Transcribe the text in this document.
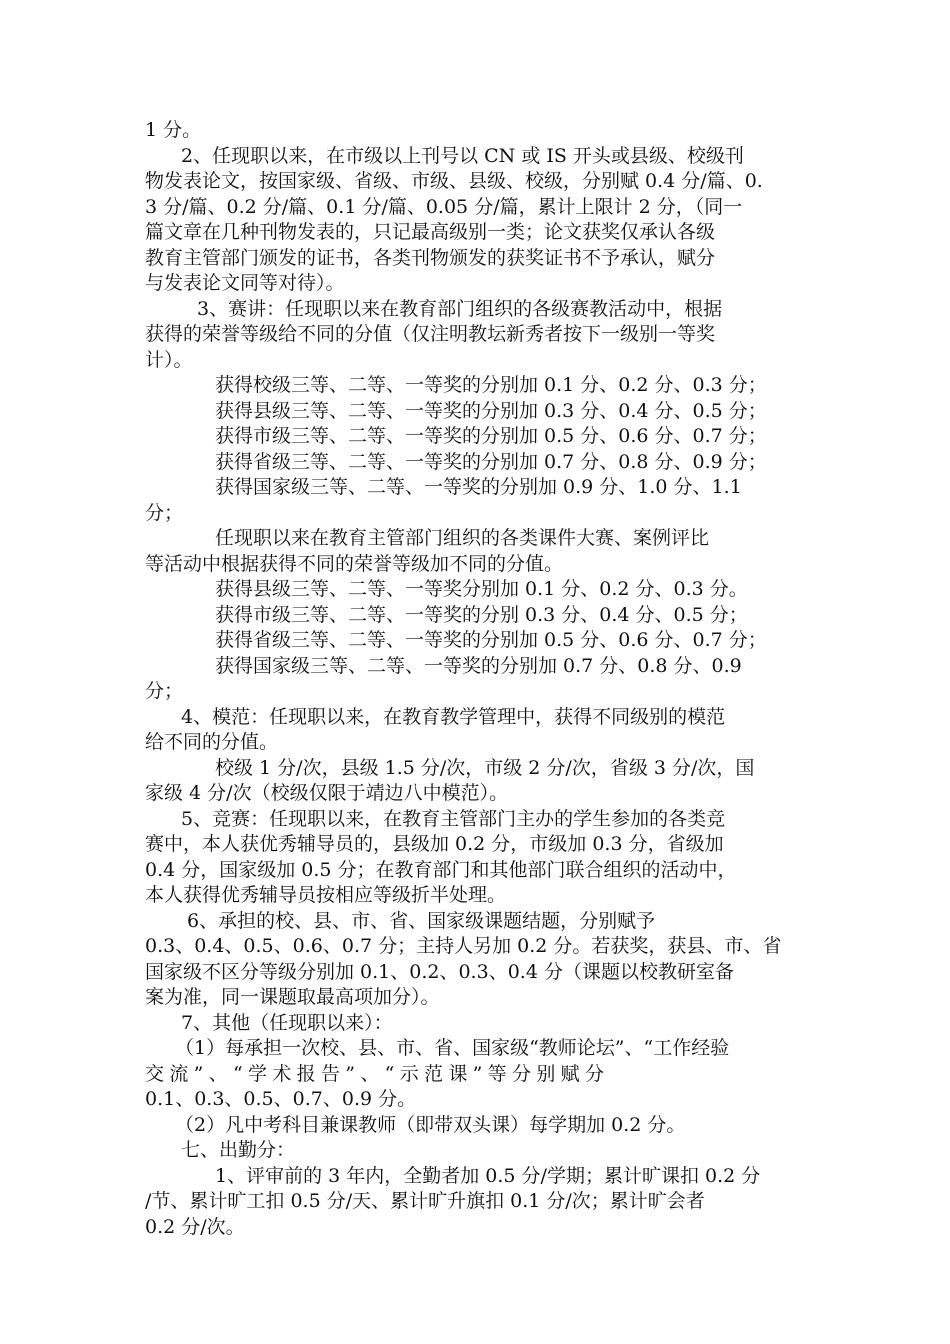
1 分。
2、任现职以来，在市级以上刊号以 CN 或 IS 开头或县级、校级刊
物发表论文，按国家级、省级、市级、县级、校级，分别赋 0.4 分/篇、0.
3 分/篇、0.2 分/篇、0.1 分/篇、0.05 分/篇，累计上限计 2 分，（同一
篇文章在几种刊物发表的，只记最高级别一类；论文获奖仅承认各级
教育主管部门颁发的证书，各类刊物颁发的获奖证书不予承认，赋分
与发表论文同等对待）。
3、赛讲：任现职以来在教育部门组织的各级赛教活动中，根据
获得的荣誉等级给不同的分值（仅注明教坛新秀者按下一级别一等奖
计）。
获得校级三等、二等、一等奖的分别加 0.1 分、0.2 分、0.3 分；
获得县级三等、二等、一等奖的分别加 0.3 分、0.4 分、0.5 分；
获得市级三等、二等、一等奖的分别加 0.5 分、0.6 分、0.7 分；
获得省级三等、二等、一等奖的分别加 0.7 分、0.8 分、0.9 分；
获得国家级三等、二等、一等奖的分别加 0.9 分、1.0 分、1.1
分；
任现职以来在教育主管部门组织的各类课件大赛、案例评比
等活动中根据获得不同的荣誉等级加不同的分值。
获得县级三等、二等、一等奖分别加 0.1 分、0.2 分、0.3 分。
获得市级三等、二等、一等奖的分别 0.3 分、0.4 分、0.5 分；
获得省级三等、二等、一等奖的分别加 0.5 分、0.6 分、0.7 分；
获得国家级三等、二等、一等奖的分别加 0.7 分、0.8 分、0.9
分；
4、模范：任现职以来，在教育教学管理中，获得不同级别的模范
给不同的分值。
校级 1 分/次，县级 1.5 分/次，市级 2 分/次，省级 3 分/次，国
家级 4 分/次（校级仅限于靖边八中模范）。
5、竞赛：任现职以来，在教育主管部门主办的学生参加的各类竞
赛中，本人获优秀辅导员的，县级加 0.2 分，市级加 0.3 分，省级加
0.4 分，国家级加 0.5 分；在教育部门和其他部门联合组织的活动中，
本人获得优秀辅导员按相应等级折半处理。
6、承担的校、县、市、省、国家级课题结题，分别赋予
0.3、0.4、0.5、0.6、0.7 分；主持人另加 0.2 分。若获奖，获县、市、省
国家级不区分等级分别加 0.1、0.2、0.3、0.4 分（课题以校教研室备
案为准，同一课题取最高项加分）。
7、其他（任现职以来）：
（1）每承担一次校、县、市、省、国家级“教师论坛”、“工作经验
交流”、“学术报告”、“示范课”等分别赋分
0.1、0.3、0.5、0.7、0.9 分。
（2）凡中考科目兼课教师（即带双头课）每学期加 0.2 分。
七、出勤分：
1、评审前的 3 年内，全勤者加 0.5 分/学期；累计旷课扣 0.2 分
/节、累计旷工扣 0.5 分/天、累计旷升旗扣 0.1 分/次；累计旷会者
0.2 分/次。
